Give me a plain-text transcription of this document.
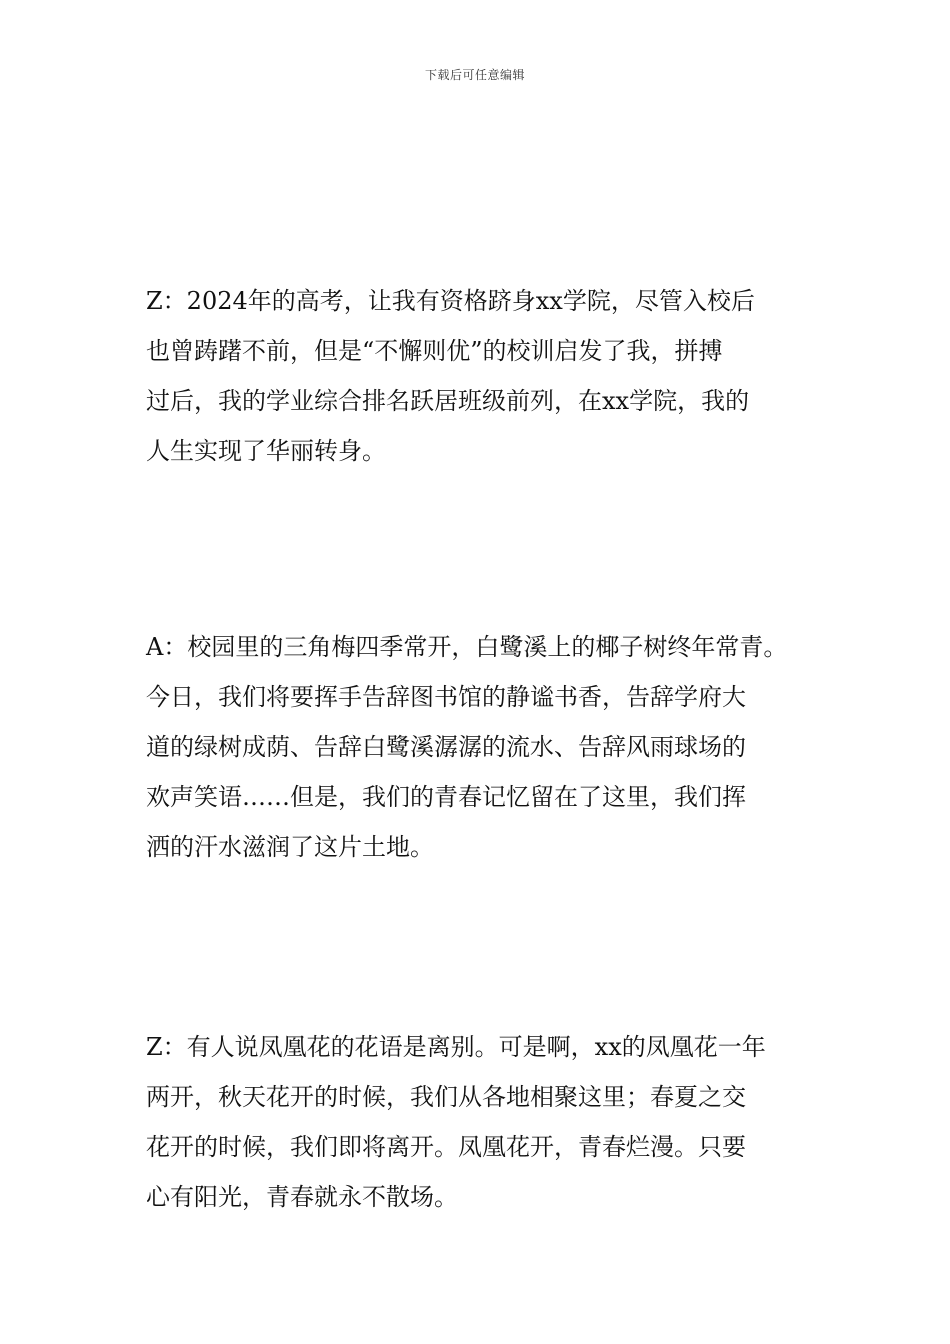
下载后可任意编辑
Z：2024年的高考，让我有资格跻身xx学院，尽管入校后
也曾踌躇不前，但是“不懈则优”的校训启发了我，拼搏
过后，我的学业综合排名跃居班级前列，在xx学院，我的
人生实现了华丽转身。
A：校园里的三角梅四季常开，白鹭溪上的椰子树终年常青。
今日，我们将要挥手告辞图书馆的静谧书香，告辞学府大
道的绿树成荫、告辞白鹭溪潺潺的流水、告辞风雨球场的
欢声笑语……但是，我们的青春记忆留在了这里，我们挥
洒的汗水滋润了这片土地。
Z：有人说凤凰花的花语是离别。可是啊，xx的凤凰花一年
两开，秋天花开的时候，我们从各地相聚这里；春夏之交
花开的时候，我们即将离开。凤凰花开，青春烂漫。只要
心有阳光，青春就永不散场。
